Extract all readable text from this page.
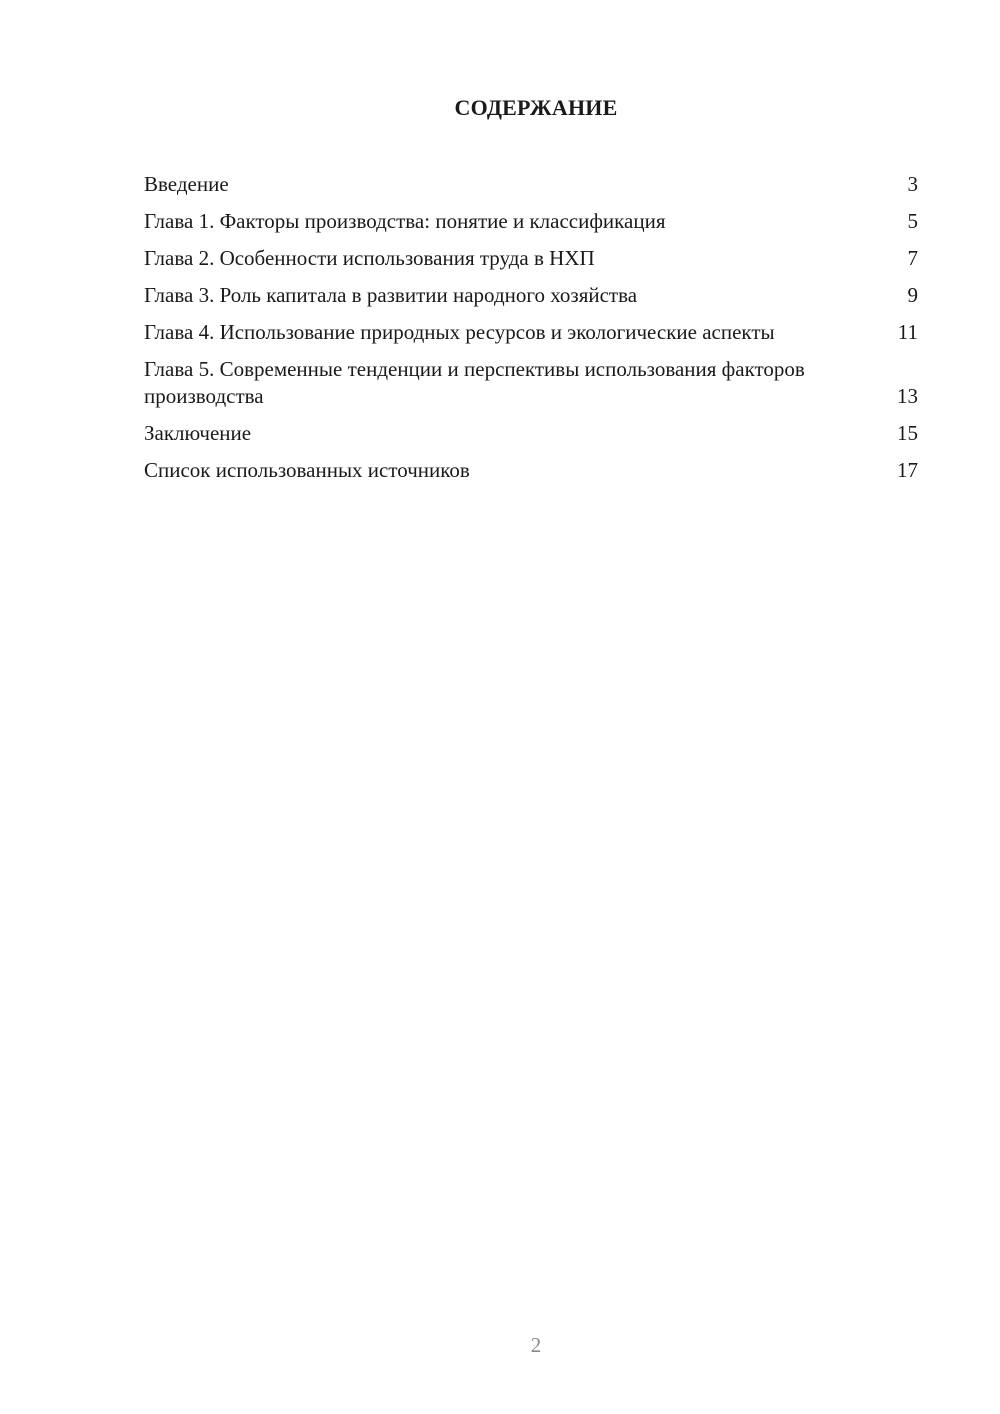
СОДЕРЖАНИЕ
Введение	3
Глава 1. Факторы производства: понятие и классификация	5
Глава 2. Особенности использования труда в НХП	7
Глава 3. Роль капитала в развитии народного хозяйства	9
Глава 4. Использование природных ресурсов и экологические аспекты	11
Глава 5. Современные тенденции и перспективы использования факторов производства	13
Заключение	15
Список использованных источников	17
2
